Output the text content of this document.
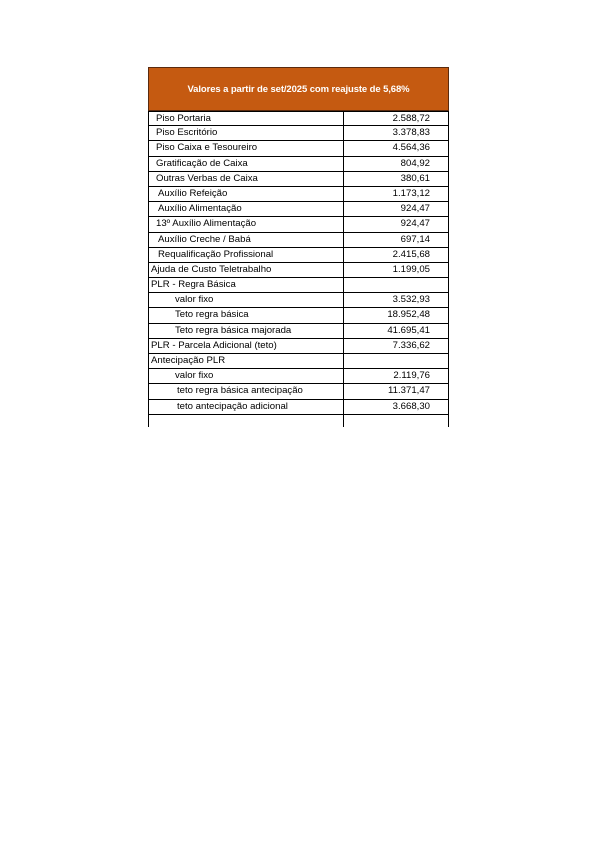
Valores a partir de set/2025 com reajuste de 5,68%
Piso Portaria	2.588,72
Piso Escritório	3.378,83
Piso Caixa e Tesoureiro	4.564,36
Gratificação de Caixa	804,92
Outras Verbas de Caixa	380,61
Auxílio Refeição	1.173,12
Auxílio Alimentação	924,47
13º Auxílio Alimentação	924,47
Auxílio Creche / Babá	697,14
Requalificação Profissional	2.415,68
Ajuda de Custo Teletrabalho	1.199,05
PLR - Regra Básica
valor fixo	3.532,93
Teto regra básica	18.952,48
Teto regra básica majorada	41.695,41
PLR - Parcela Adicional (teto)	7.336,62
Antecipação PLR
valor fixo	2.119,76
teto regra básica antecipação	11.371,47
teto antecipação adicional	3.668,30
